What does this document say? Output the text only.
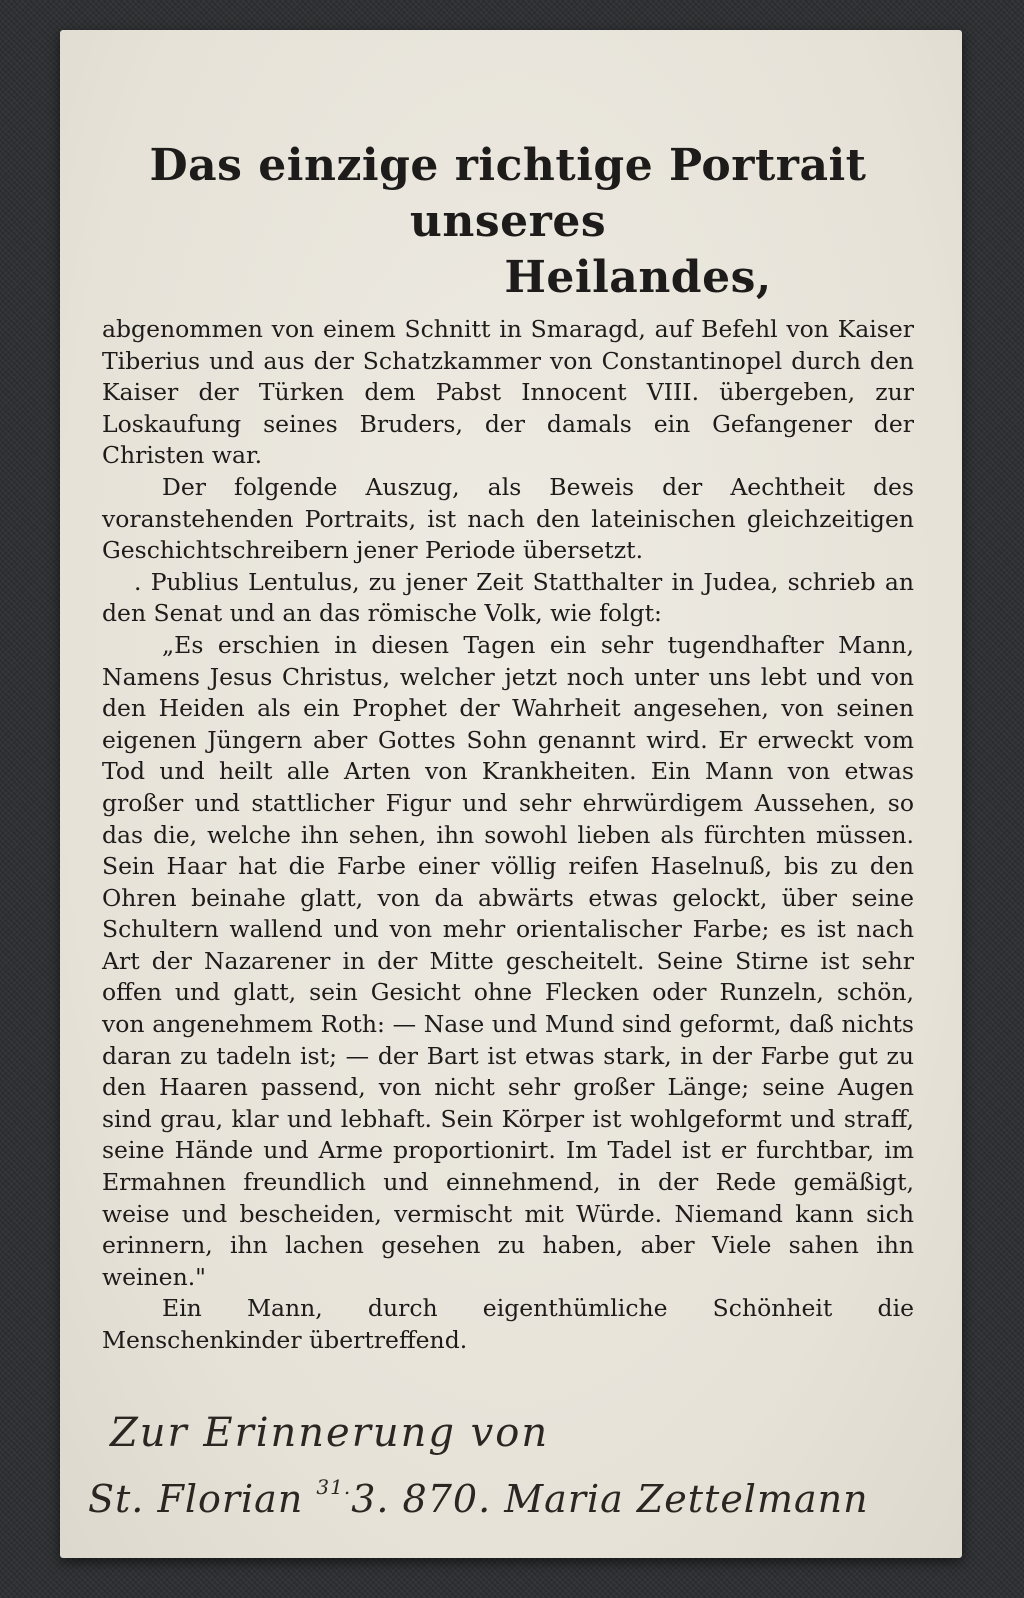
Das einzige richtige Portrait unseres
Heilandes,

abgenommen von einem Schnitt in Smaragd, auf Befehl von Kaiser Tiberius und aus der Schatzkammer von Constantinopel durch den Kaiser der Türken dem Pabst Innocent VIII. übergeben, zur Loskaufung seines Bruders, der damals ein Gefangener der Christen war.

Der folgende Auszug, als Beweis der Aechtheit des voranstehenden Portraits, ist nach den lateinischen gleichzeitigen Geschichtschreibern jener Periode übersetzt.

. Publius Lentulus, zu jener Zeit Statthalter in Judea, schrieb an den Senat und an das römische Volk, wie folgt:

„Es erschien in diesen Tagen ein sehr tugendhafter Mann, Namens Jesus Christus, welcher jetzt noch unter uns lebt und von den Heiden als ein Prophet der Wahrheit angesehen, von seinen eigenen Jüngern aber Gottes Sohn genannt wird. Er erweckt vom Tod und heilt alle Arten von Krankheiten. Ein Mann von etwas großer und stattlicher Figur und sehr ehrwürdigem Aussehen, so das die, welche ihn sehen, ihn sowohl lieben als fürchten müssen. Sein Haar hat die Farbe einer völlig reifen Haselnuß, bis zu den Ohren beinahe glatt, von da abwärts etwas gelockt, über seine Schultern wallend und von mehr orientalischer Farbe; es ist nach Art der Nazarener in der Mitte gescheitelt. Seine Stirne ist sehr offen und glatt, sein Gesicht ohne Flecken oder Runzeln, schön, von angenehmem Roth: — Nase und Mund sind geformt, daß nichts daran zu tadeln ist; — der Bart ist etwas stark, in der Farbe gut zu den Haaren passend, von nicht sehr großer Länge; seine Augen sind grau, klar und lebhaft. Sein Körper ist wohlgeformt und straff, seine Hände und Arme proportionirt. Im Tadel ist er furchtbar, im Ermahnen freundlich und einnehmend, in der Rede gemäßigt, weise und bescheiden, vermischt mit Würde. Niemand kann sich erinnern, ihn lachen gesehen zu haben, aber Viele sahen ihn weinen."

Ein Mann, durch eigenthümliche Schönheit die Menschenkinder übertreffend.

Zur Erinnerung von
St. Florian $^{31.}$3. 870. Maria Zettelmann
